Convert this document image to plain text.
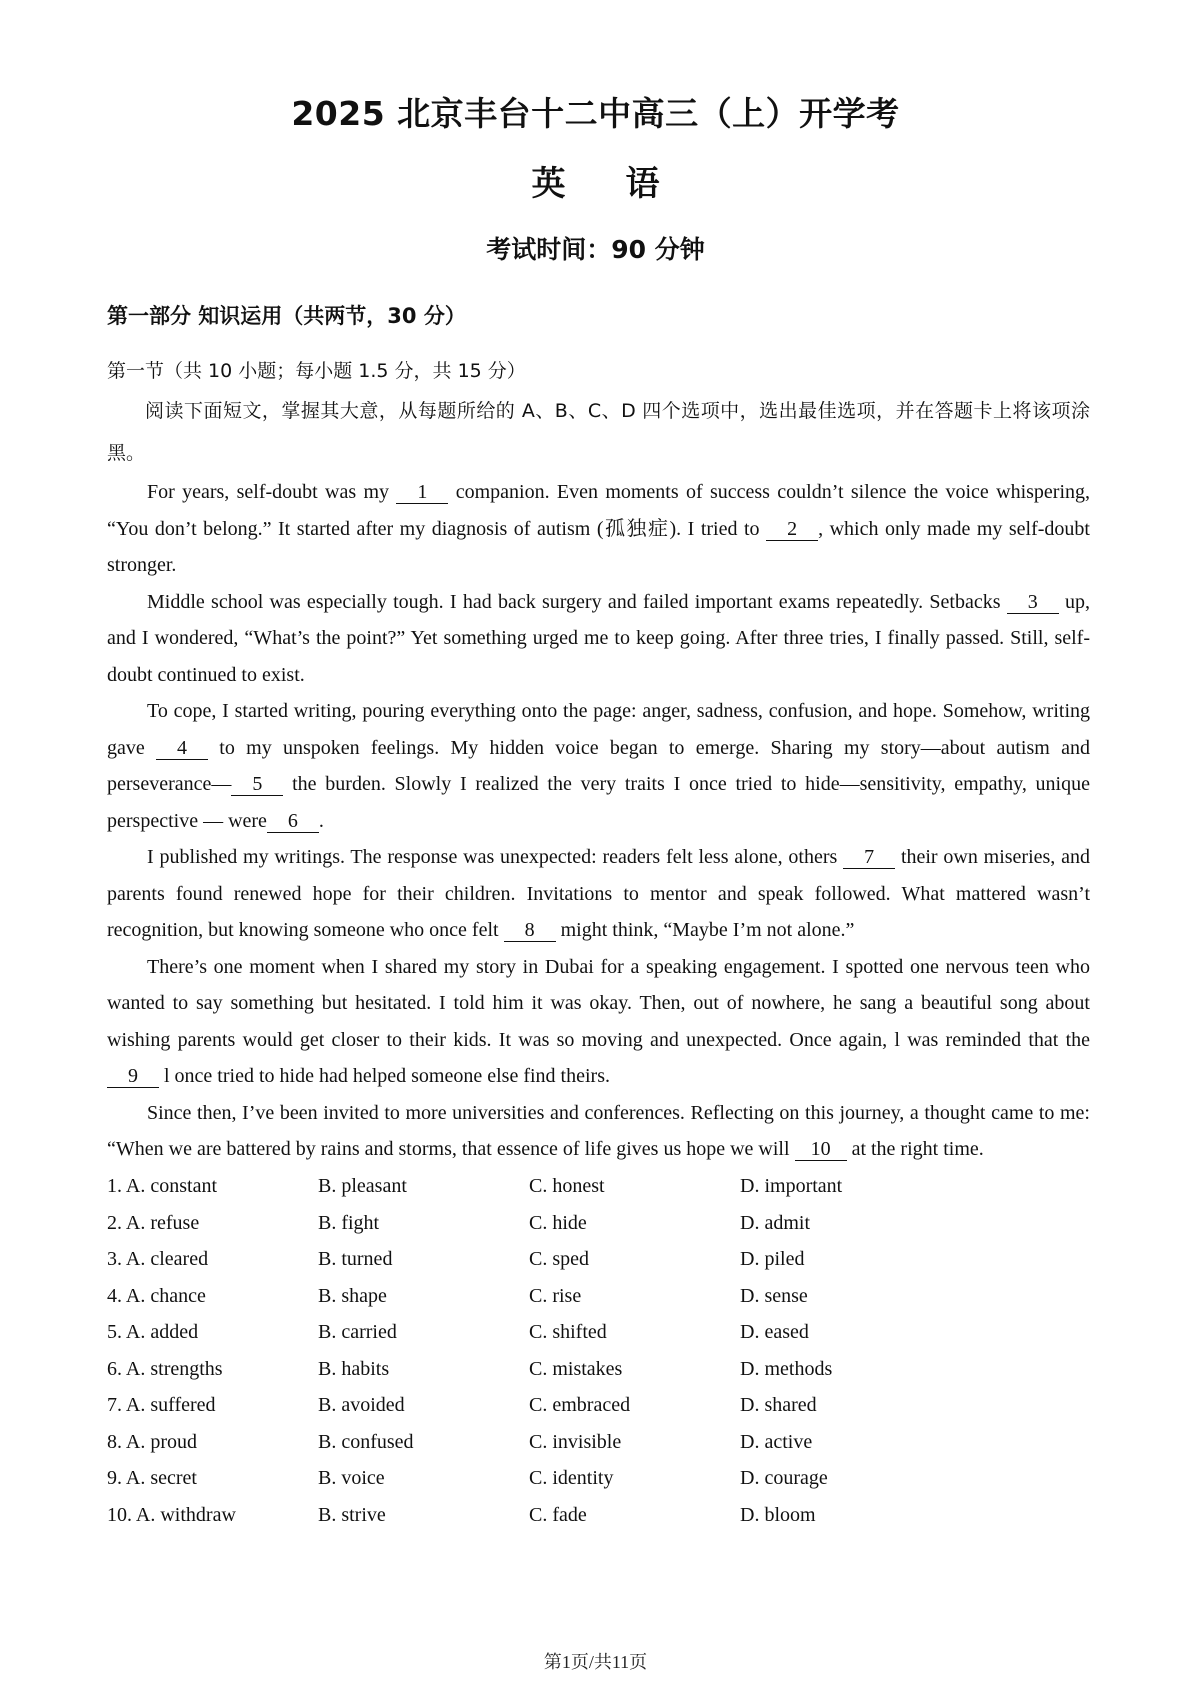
2025 北京丰台十二中高三（上）开学考
英 语
考试时间：90 分钟
第一部分 知识运用（共两节，30 分）

第一节（共 10 小题；每小题 1.5 分，共 15 分）

阅读下面短文，掌握其大意，从每题所给的 A、B、C、D 四个选项中，选出最佳选项，并在答题卡上将该项涂黑。

For years, self-doubt was my 1 companion. Even moments of success couldn’t silence the voice whispering, “You don’t belong.” It started after my diagnosis of autism (孤独症). I tried to 2 , which only made my self-doubt stronger.

Middle school was especially tough. I had back surgery and failed important exams repeatedly. Setbacks 3 up, and I wondered, “What’s the point?” Yet something urged me to keep going. After three tries, I finally passed. Still, self-doubt continued to exist.

To cope, I started writing, pouring everything onto the page: anger, sadness, confusion, and hope. Somehow, writing gave 4 to my unspoken feelings. My hidden voice began to emerge. Sharing my story—about autism and perseverance— 5 the burden. Slowly I realized the very traits I once tried to hide—sensitivity, empathy, unique perspective — were 6 .

I published my writings. The response was unexpected: readers felt less alone, others 7 their own miseries, and parents found renewed hope for their children. Invitations to mentor and speak followed. What mattered wasn’t recognition, but knowing someone who once felt 8 might think, “Maybe I’m not alone.”

There’s one moment when I shared my story in Dubai for a speaking engagement. I spotted one nervous teen who wanted to say something but hesitated. I told him it was okay. Then, out of nowhere, he sang a beautiful song about wishing parents would get closer to their kids. It was so moving and unexpected. Once again, l was reminded that the 9 l once tried to hide had helped someone else find theirs.

Since then, I’ve been invited to more universities and conferences. Reflecting on this journey, a thought came to me: “When we are battered by rains and storms, that essence of life gives us hope we will 10 at the right time.

1. A. constant	B. pleasant	C. honest	D. important
2. A. refuse	B. fight	C. hide	D. admit
3. A. cleared	B. turned	C. sped	D. piled
4. A. chance	B. shape	C. rise	D. sense
5. A. added	B. carried	C. shifted	D. eased
6. A. strengths	B. habits	C. mistakes	D. methods
7. A. suffered	B. avoided	C. embraced	D. shared
8. A. proud	B. confused	C. invisible	D. active
9. A. secret	B. voice	C. identity	D. courage
10. A. withdraw	B. strive	C. fade	D. bloom
第1页/共11页
